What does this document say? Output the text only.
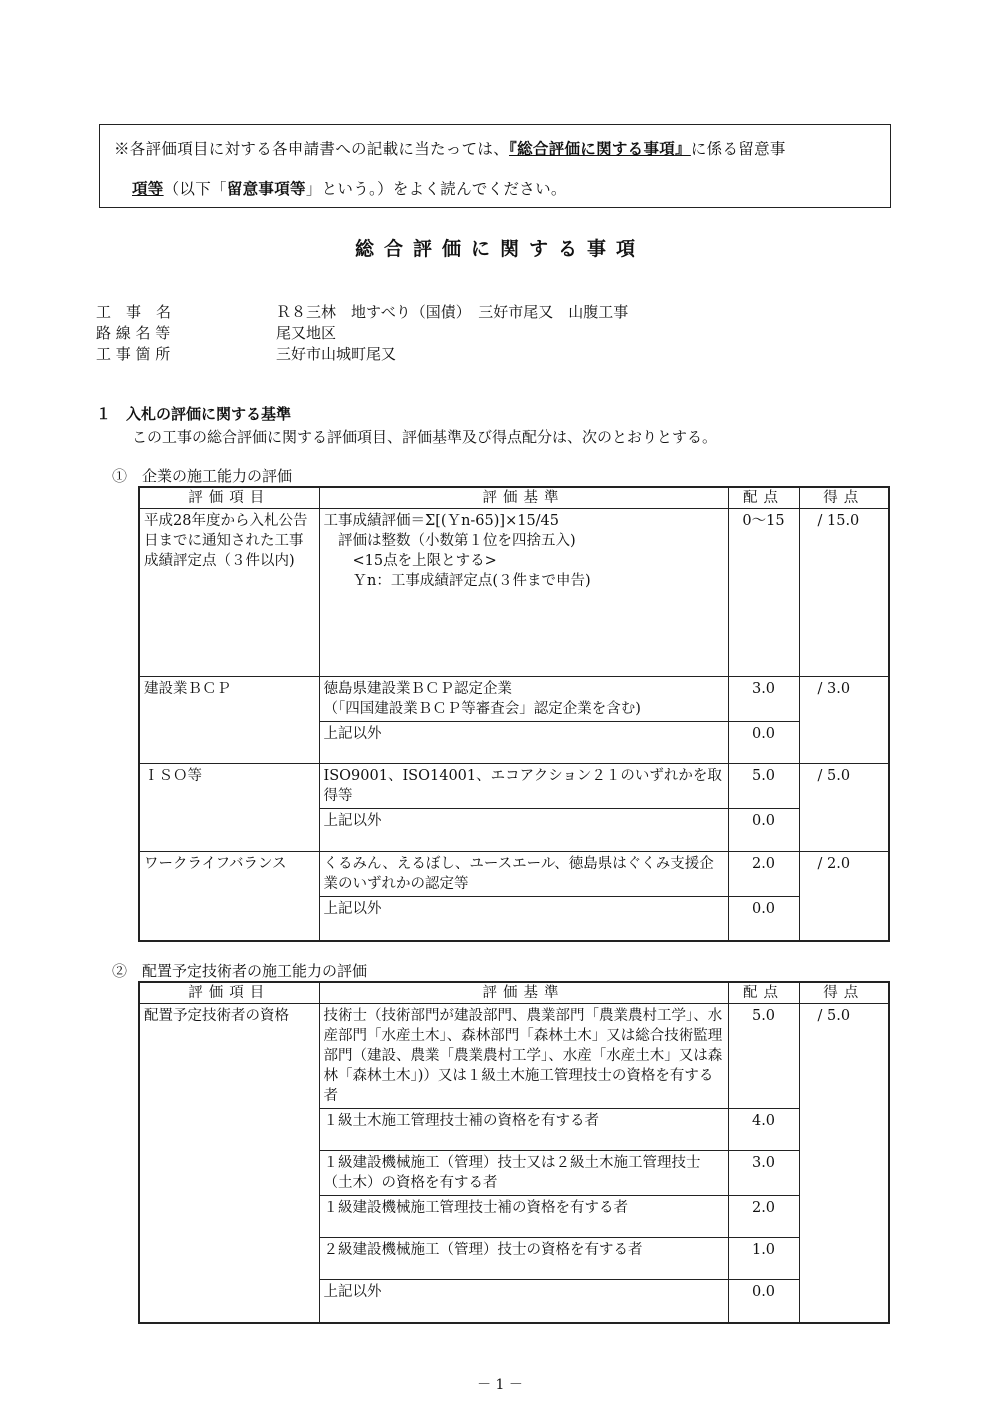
※各評価項目に対する各申請書への記載に当たっては、『総合評価に関する事項』に係る留意事
項等（以下「留意事項等」という。）をよく読んでください。
総合評価に関する事項
工　事　名	Ｒ８三林　地すべり（国債）　三好市尾又　山腹工事
路 線 名 等	尾又地区
工 事 箇 所	三好市山城町尾又
１　入札の評価に関する基準
この工事の総合評価に関する評価項目、評価基準及び得点配分は、次のとおりとする。
①　企業の施工能力の評価
評価項目	評価基準	配点	得点
平成28年度から入札公告日までに通知された工事成績評定点（３件以内)	工事成績評価＝Σ[(Ｙn-65)]×15/45
　評価は整数（小数第１位を四捨五入)
　　<15点を上限とする>
　　Ｙn：工事成績評定点(３件まで申告)	0～15	/ 15.0
建設業ＢＣＰ	徳島県建設業ＢＣＰ認定企業
（「四国建設業ＢＣＰ等審査会」認定企業を含む)	3.0	/ 3.0
	上記以外	0.0	
ＩＳＯ等	ISO9001、ISO14001、エコアクション２１のいずれかを取得等	5.0	/ 5.0
	上記以外	0.0	
ワークライフバランス	くるみん、えるぼし、ユースエール、徳島県はぐくみ支援企業のいずれかの認定等	2.0	/ 2.0
	上記以外	0.0	
②　配置予定技術者の施工能力の評価
評価項目	評価基準	配点	得点
配置予定技術者の資格	技術士（技術部門が建設部門、農業部門「農業農村工学」、水産部門「水産土木」、森林部門「森林土木」又は総合技術監理部門（建設、農業「農業農村工学」、水産「水産土木」又は森林「森林土木」)）又は１級土木施工管理技士の資格を有する者	5.0	/ 5.0
	１級土木施工管理技士補の資格を有する者	4.0	
	１級建設機械施工（管理）技士又は２級土木施工管理技士（土木）の資格を有する者	3.0	
	１級建設機械施工管理技士補の資格を有する者	2.0	
	２級建設機械施工（管理）技士の資格を有する者	1.0	
	上記以外	0.0	
－ 1 －
